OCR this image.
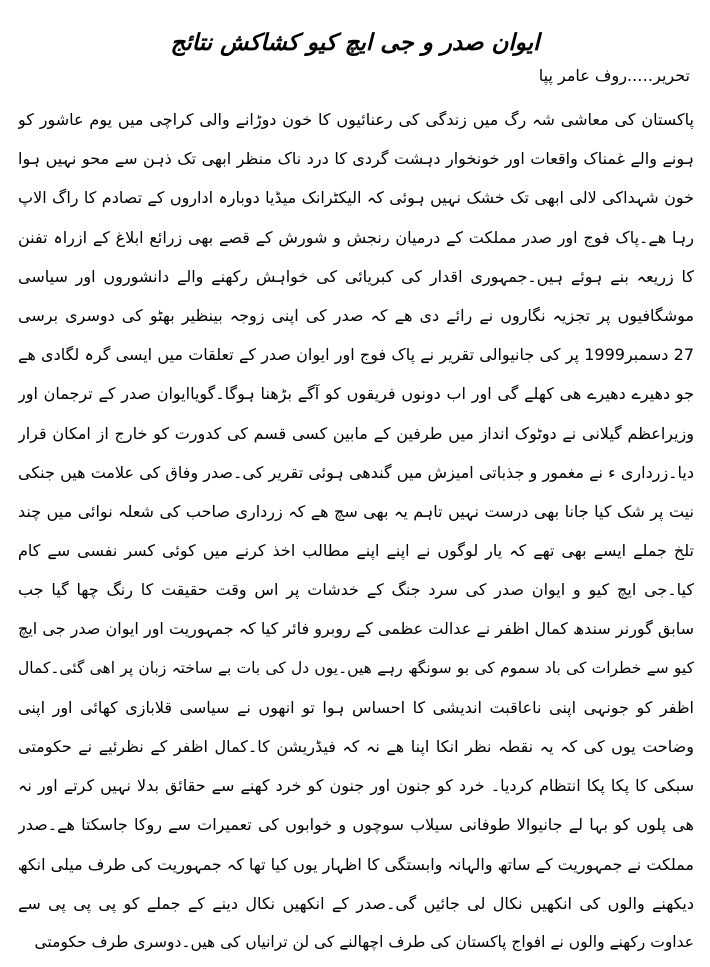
ایوان صدر و جی ایچ کیو کشاکش نتائج
تحریر…..روف عامر پپا
پاکستان کی معاشی شہ رگ میں زندگی کی رعنائیوں کا خون دوڑانے والی کراچی میں یوم عاشور کو
ہونے والے غمناک واقعات اور خونخوار دہشت گردی کا درد ناک منظر ابھی تک ذہن سے محو نہیں ہوا
خون شہداکی لالی ابھی تک خشک نہیں ہوئی کہ الیکٹرانک میڈیا دوبارہ اداروں کے تصادم کا راگ الاپ
رہا ھے۔پاک فوج اور صدر مملکت کے درمیان رنجش و شورش کے قصے بھی زرائع ابلاغ کے ازراہ تفنن
کا زریعہ بنے ہوئے ہیں۔جمہوری اقدار کی کبریائی کی خواہش رکھنے والے دانشوروں اور سیاسی
موشگافیوں پر تجزیہ نگاروں نے رائے دی ھے کہ صدر کی اپنی زوجہ بینظیر بھٹو کی دوسری برسی
27 دسمبر1999 پر کی جانیوالی تقریر نے پاک فوج اور ایوان صدر کے تعلقات میں ایسی گرہ لگادی ھے
جو دھیرے دھیرے ھی کھلے گی اور اب دونوں فریقوں کو آگے بڑھنا ہوگا۔گویاایوان صدر کے ترجمان اور
وزیراعظم گیلانی نے دوٹوک انداز میں طرفین کے مابین کسی قسم کی کدورت کو خارج از امکان قرار
دیا۔زرداری ء نے مغمور و جذباتی امیزش میں گندھی ہوئی تقریر کی۔صدر وفاق کی علامت ھیں جنکی
نیت پر شک کیا جانا بھی درست نہیں تاہم یہ بھی سچ ھے کہ زرداری صاحب کی شعلہ نوائی میں چند
تلخ جملے ایسے بھی تھے کہ یار لوگوں نے اپنے اپنے مطالب اخذ کرنے میں کوئی کسر نفسی سے کام
کیا۔جی ایچ کیو و ایوان صدر کی سرد جنگ کے خدشات پر اس وقت حقیقت کا رنگ چھا گیا جب
سابق گورنر سندھ کمال اظفر نے عدالت عظمی کے روبرو فائر کیا کہ جمہوریت اور ایوان صدر جی ایچ
کیو سے خطرات کی باد سموم کی بو سونگھ رہے ھیں۔یوں دل کی بات بے ساختہ زبان پر اھی گئی۔کمال
اظفر کو جونہی اپنی ناعاقبت اندیشی کا احساس ہوا تو انھوں نے سیاسی قلابازی کھائی اور اپنی
وضاحت یوں کی کہ یہ نقطہ نظر انکا اپنا ھے نہ کہ فیڈریشن کا۔کمال اظفر کے نظرئیے نے حکومتی
سبکی کا پکا پکا انتظام کردیا۔ خرد کو جنون اور جنون کو خرد کھنے سے حقائق بدلا نہیں کرتے اور نہ
ھی پلوں کو بہا لے جانیوالا طوفانی سیلاب سوچوں و خوابوں کی تعمیرات سے روکا جاسکتا ھے۔صدر
مملکت نے جمہوریت کے ساتھ والہانہ وابستگی کا اظہار یوں کیا تھا کہ جمہوریت کی طرف میلی انکھ
دیکھنے والوں کی انکھیں نکال لی جائیں گی۔صدر کے انکھیں نکال دینے کے جملے کو پی پی پی سے
عداوت رکھنے والوں نے افواج پاکستان کی طرف اچھالنے کی لن ترانیاں کی ھیں۔دوسری طرف حکومتی
